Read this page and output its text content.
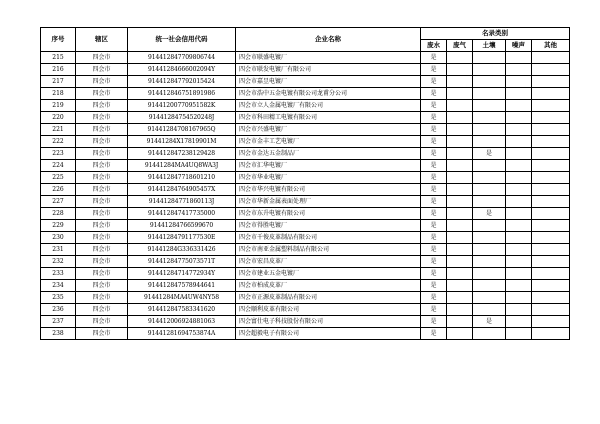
序号	辖区	统一社会信用代码	企业名称	名录类别				
				废水	废气	土壤	噪声	其他
215	四会市	914412847709806744	四会市联盛电镀厂	是				
216	四会市	91441284666002094Y	四会市联发电镀厂有限公司	是				
217	四会市	914412847792015424	四会市嘉昱电镀厂	是				
218	四会市	914412846751891986	四会市浩中五金电镀有限公司龙甫分公司	是				
219	四会市	91441200770951582K	四会市立人金属电镀厂有限公司	是				
220	四会市	91441284754520248J	四会市科田精工电镀有限公司	是				
221	四会市	91441284708167965Q	四会市兴盛电镀厂	是				
222	四会市	91441284X17819901M	四会市金丰工艺电镀厂	是				
223	四会市	914412847238129428	四会市金达五金制品厂	是		是		
224	四会市	91441284MA4UQ8WA3J	四会市汇华电镀厂	是				
225	四会市	914412847718601210	四会市华业电镀厂	是				
226	四会市	91441284764905457X	四会市华兴电镀有限公司	是				
227	四会市	91441284771860113J	四会市华新金属表面处理厂	是				
228	四会市	914412847417735000	四会市东升电镀有限公司	是		是		
229	四会市	91441284766599670	四会市得胜电镀厂	是				
230	四会市	91441284791177530E	四会市千俊皮革制品有限公司	是				
231	四会市	91441284G336331426	四会市南亚金属塑料制品有限公司	是				
232	四会市	91441284775073571T	四会市宏昌皮革厂	是				
233	四会市	91441284714772934Y	四会市建业五金电镀厂	是				
234	四会市	914412847578944641	四会市柏成皮革厂	是				
235	四会市	91441284MA4UW4NY58	四会市正源皮革制品有限公司	是				
236	四会市	914412847583341620	四会顺利皮革有限公司	是				
237	四会市	914412006924881063	四会富仕电子科技股份有限公司	是		是		
238	四会市	91441281694753874A	四会超毅电子有限公司	是				
